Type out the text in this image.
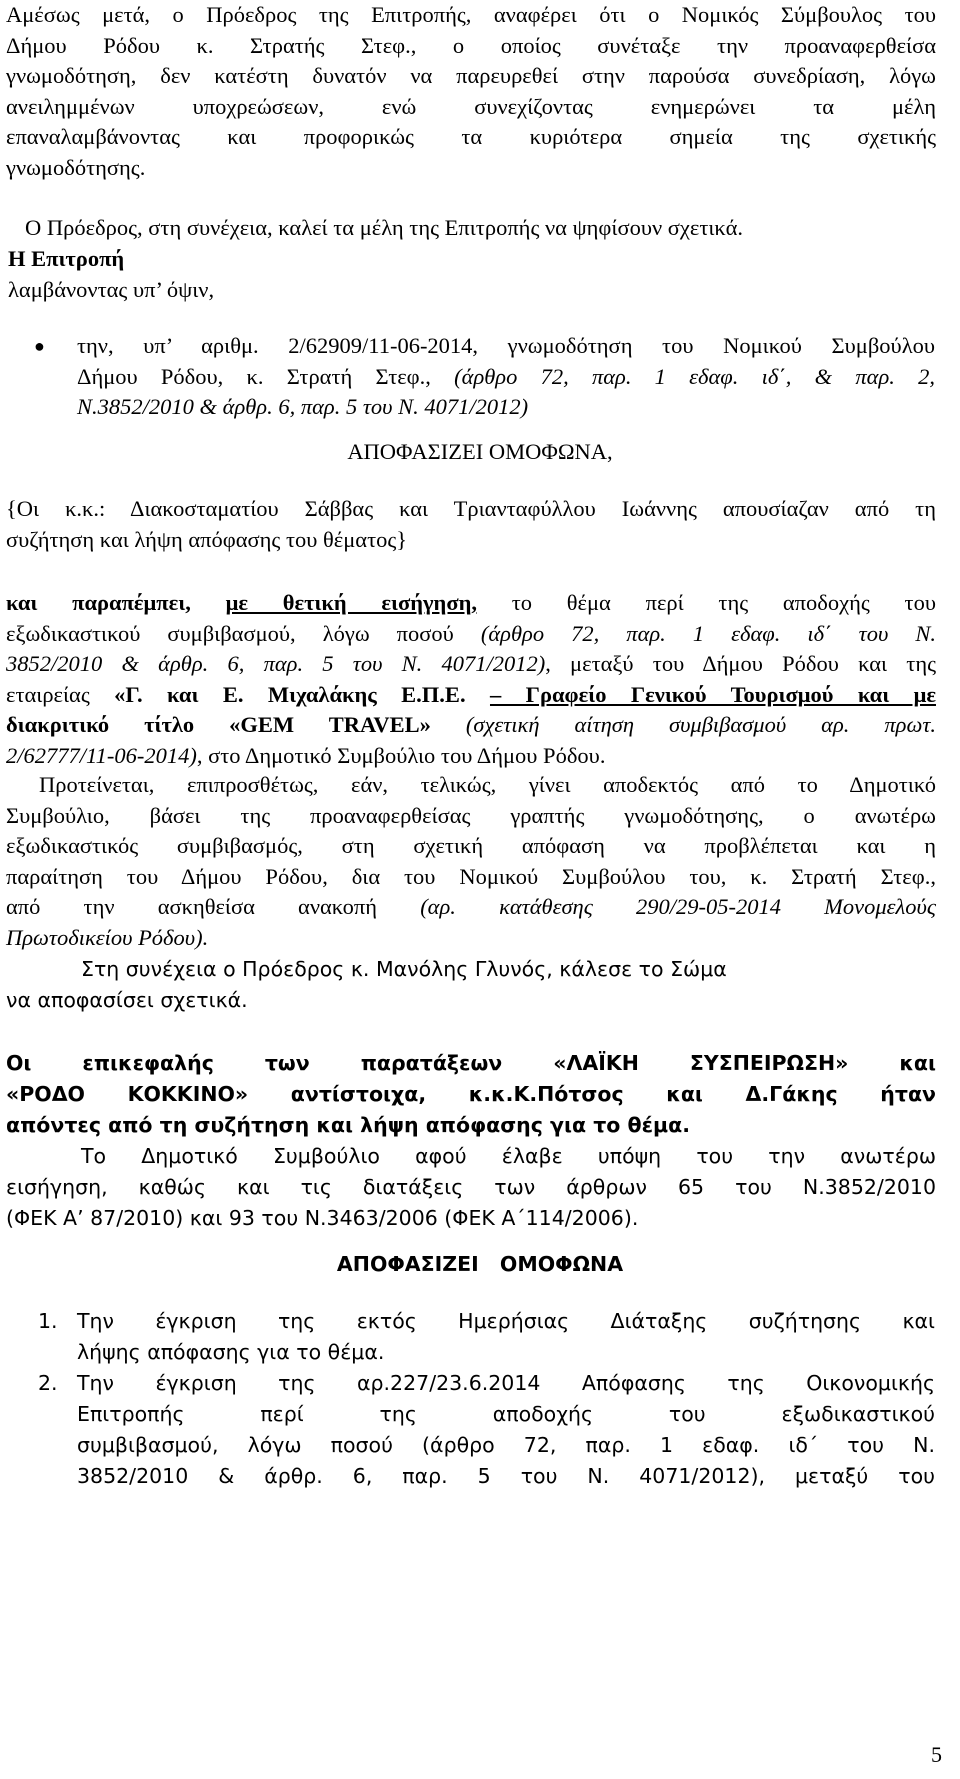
Αμέσως μετά, ο Πρόεδρος της Επιτροπής, αναφέρει ότι ο Νομικός Σύμβουλος του
Δήμου Ρόδου κ. Στρατής Στεφ., ο οποίος συνέταξε την προαναφερθείσα
γνωμοδότηση, δεν κατέστη δυνατόν να παρευρεθεί στην παρούσα συνεδρίαση, λόγω
ανειλημμένων υποχρεώσεων, ενώ συνεχίζοντας ενημερώνει τα μέλη
επαναλαμβάνοντας και προφορικώς τα κυριότερα σημεία της σχετικής
γνωμοδότησης.
Ο Πρόεδρος, στη συνέχεια, καλεί τα μέλη της Επιτροπής να ψηφίσουν σχετικά.
Η Επιτροπή
λαμβάνοντας υπ’ όψιν,
● την, υπ’ αριθμ. 2/62909/11-06-2014, γνωμοδότηση του Νομικού Συμβούλου
Δήμου Ρόδου, κ. Στρατή Στεφ., (άρθρο 72, παρ. 1 εδαφ. ιδ΄, & παρ. 2,
Ν.3852/2010 & άρθρ. 6, παρ. 5 του Ν. 4071/2012)
ΑΠΟΦΑΣΙΖΕΙ ΟΜΟΦΩΝΑ,
{Οι κ.κ.: Διακοσταματίου Σάββας και Τριανταφύλλου Ιωάννης απουσίαζαν από τη
συζήτηση και λήψη απόφασης του θέματος}
και παραπέμπει, με θετική εισήγηση, το θέμα περί της αποδοχής του
εξωδικαστικού συμβιβασμού, λόγω ποσού (άρθρο 72, παρ. 1 εδαφ. ιδ΄ του Ν.
3852/2010 & άρθρ. 6, παρ. 5 του Ν. 4071/2012), μεταξύ του Δήμου Ρόδου και της
εταιρείας «Γ. και Ε. Μιχαλάκης Ε.Π.Ε. – Γραφείο Γενικού Τουρισμού και με
διακριτικό τίτλο «GEM TRAVEL» (σχετική αίτηση συμβιβασμού αρ. πρωτ.
2/62777/11-06-2014), στο Δημοτικό Συμβούλιο του Δήμου Ρόδου.
Προτείνεται, επιπροσθέτως, εάν, τελικώς, γίνει αποδεκτός από το Δημοτικό
Συμβούλιο, βάσει της προαναφερθείσας γραπτής γνωμοδότησης, ο ανωτέρω
εξωδικαστικός συμβιβασμός, στη σχετική απόφαση να προβλέπεται και η
παραίτηση του Δήμου Ρόδου, δια του Νομικού Συμβούλου του, κ. Στρατή Στεφ.,
από την ασκηθείσα ανακοπή (αρ. κατάθεσης 290/29-05-2014 Μονομελούς
Πρωτοδικείου Ρόδου).
Στη συνέχεια ο Πρόεδρος κ. Μανόλης Γλυνός, κάλεσε το Σώμα
να αποφασίσει σχετικά.
Οι επικεφαλής των παρατάξεων «ΛΑΪΚΗ ΣΥΣΠΕΙΡΩΣΗ» και
«ΡΟΔΟ ΚΟΚΚΙΝΟ» αντίστοιχα, κ.κ.Κ.Πότσος και Δ.Γάκης ήταν
απόντες από τη συζήτηση και λήψη απόφασης για το θέμα.
Το Δημοτικό Συμβούλιο αφού έλαβε υπόψη του την ανωτέρω
εισήγηση, καθώς και τις διατάξεις των άρθρων 65 του Ν.3852/2010
(ΦΕΚ Α’ 87/2010) και 93 του Ν.3463/2006 (ΦΕΚ Α΄114/2006).
ΑΠΟΦΑΣΙΖΕΙ ΟΜΟΦΩΝΑ
1. Την έγκριση της εκτός Ημερήσιας Διάταξης συζήτησης και
λήψης απόφασης για το θέμα.
2. Την έγκριση της αρ.227/23.6.2014 Απόφασης της Οικονομικής
Επιτροπής περί της αποδοχής του εξωδικαστικού
συμβιβασμού, λόγω ποσού (άρθρο 72, παρ. 1 εδαφ. ιδ΄ του Ν.
3852/2010 & άρθρ. 6, παρ. 5 του Ν. 4071/2012), μεταξύ του
5
